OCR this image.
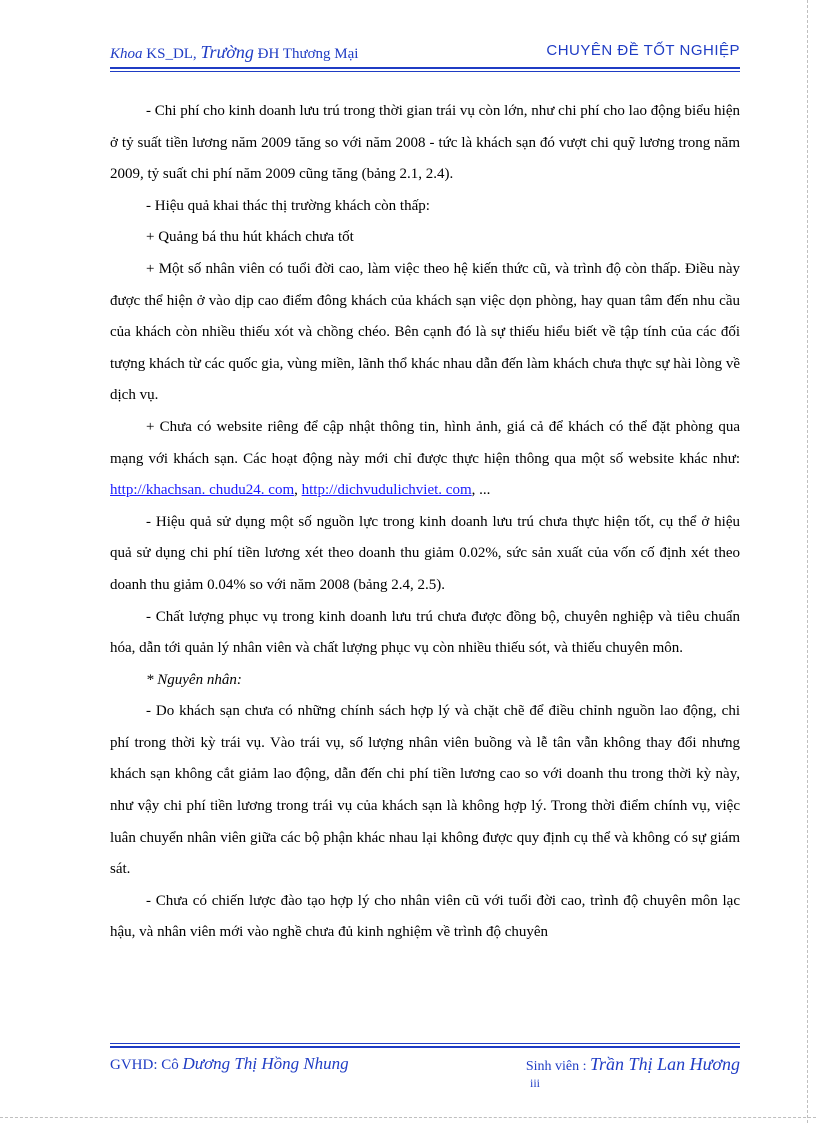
Khoa KS_DL, Trường ĐH Thương Mại	CHUYÊN ĐỀ TỐT NGHIỆP

- Chi phí cho kinh doanh lưu trú trong thời gian trái vụ còn lớn, như chi phí cho lao động biểu hiện ở tỷ suất tiền lương năm 2009 tăng so với năm 2008 - tức là khách sạn đó vượt chi quỹ lương trong năm 2009, tỷ suất chi phí năm 2009 cũng tăng (bảng 2.1, 2.4).

- Hiệu quả khai thác thị trường khách còn thấp:

+ Quảng bá thu hút khách chưa tốt

+ Một số nhân viên có tuổi đời cao, làm việc theo hệ kiến thức cũ, và trình độ còn thấp. Điều này được thể hiện ở vào dịp cao điểm đông khách của khách sạn việc dọn phòng, hay quan tâm đến nhu cầu của khách còn nhiều thiếu xót và chồng chéo. Bên cạnh đó là sự thiếu hiểu biết về tập tính của các đối tượng khách từ các quốc gia, vùng miền, lãnh thổ khác nhau dẫn đến làm khách chưa thực sự hài lòng về dịch vụ.

+ Chưa có website riêng để cập nhật thông tin, hình ảnh, giá cả để khách có thể đặt phòng qua mạng với khách sạn. Các hoạt động này mới chỉ được thực hiện thông qua một số website khác như: http://khachsan. chudu24. com, http://dichvudulichviet. com, ...

- Hiệu quả sử dụng một số nguồn lực trong kinh doanh lưu trú chưa thực hiện tốt, cụ thể ở hiệu quả sử dụng chi phí tiền lương xét theo doanh thu giảm 0.02%, sức sản xuất của vốn cố định xét theo doanh thu giảm 0.04% so với năm 2008 (bảng 2.4, 2.5).

- Chất lượng phục vụ trong kinh doanh lưu trú chưa được đồng bộ, chuyên nghiệp và tiêu chuẩn hóa, dẫn tới quản lý nhân viên và chất lượng phục vụ còn nhiều thiếu sót, và thiếu chuyên môn.

* Nguyên nhân:

- Do khách sạn chưa có những chính sách hợp lý và chặt chẽ để điều chỉnh nguồn lao động, chi phí trong thời kỳ trái vụ. Vào trái vụ, số lượng nhân viên buồng và lễ tân vẫn không thay đổi nhưng khách sạn không cắt giảm lao động, dẫn đến chi phí tiền lương cao so với doanh thu trong thời kỳ này, như vậy chi phí tiền lương trong trái vụ của khách sạn là không hợp lý. Trong thời điểm chính vụ, việc luân chuyển nhân viên giữa các bộ phận khác nhau lại không được quy định cụ thể và không có sự giám sát.

- Chưa có chiến lược đào tạo hợp lý cho nhân viên cũ với tuổi đời cao, trình độ chuyên môn lạc hậu, và nhân viên mới vào nghề chưa đủ kinh nghiệm về trình độ chuyên

GVHD: Cô Dương Thị Hồng Nhung	Sinh viên : Trần Thị Lan Hương
iii
